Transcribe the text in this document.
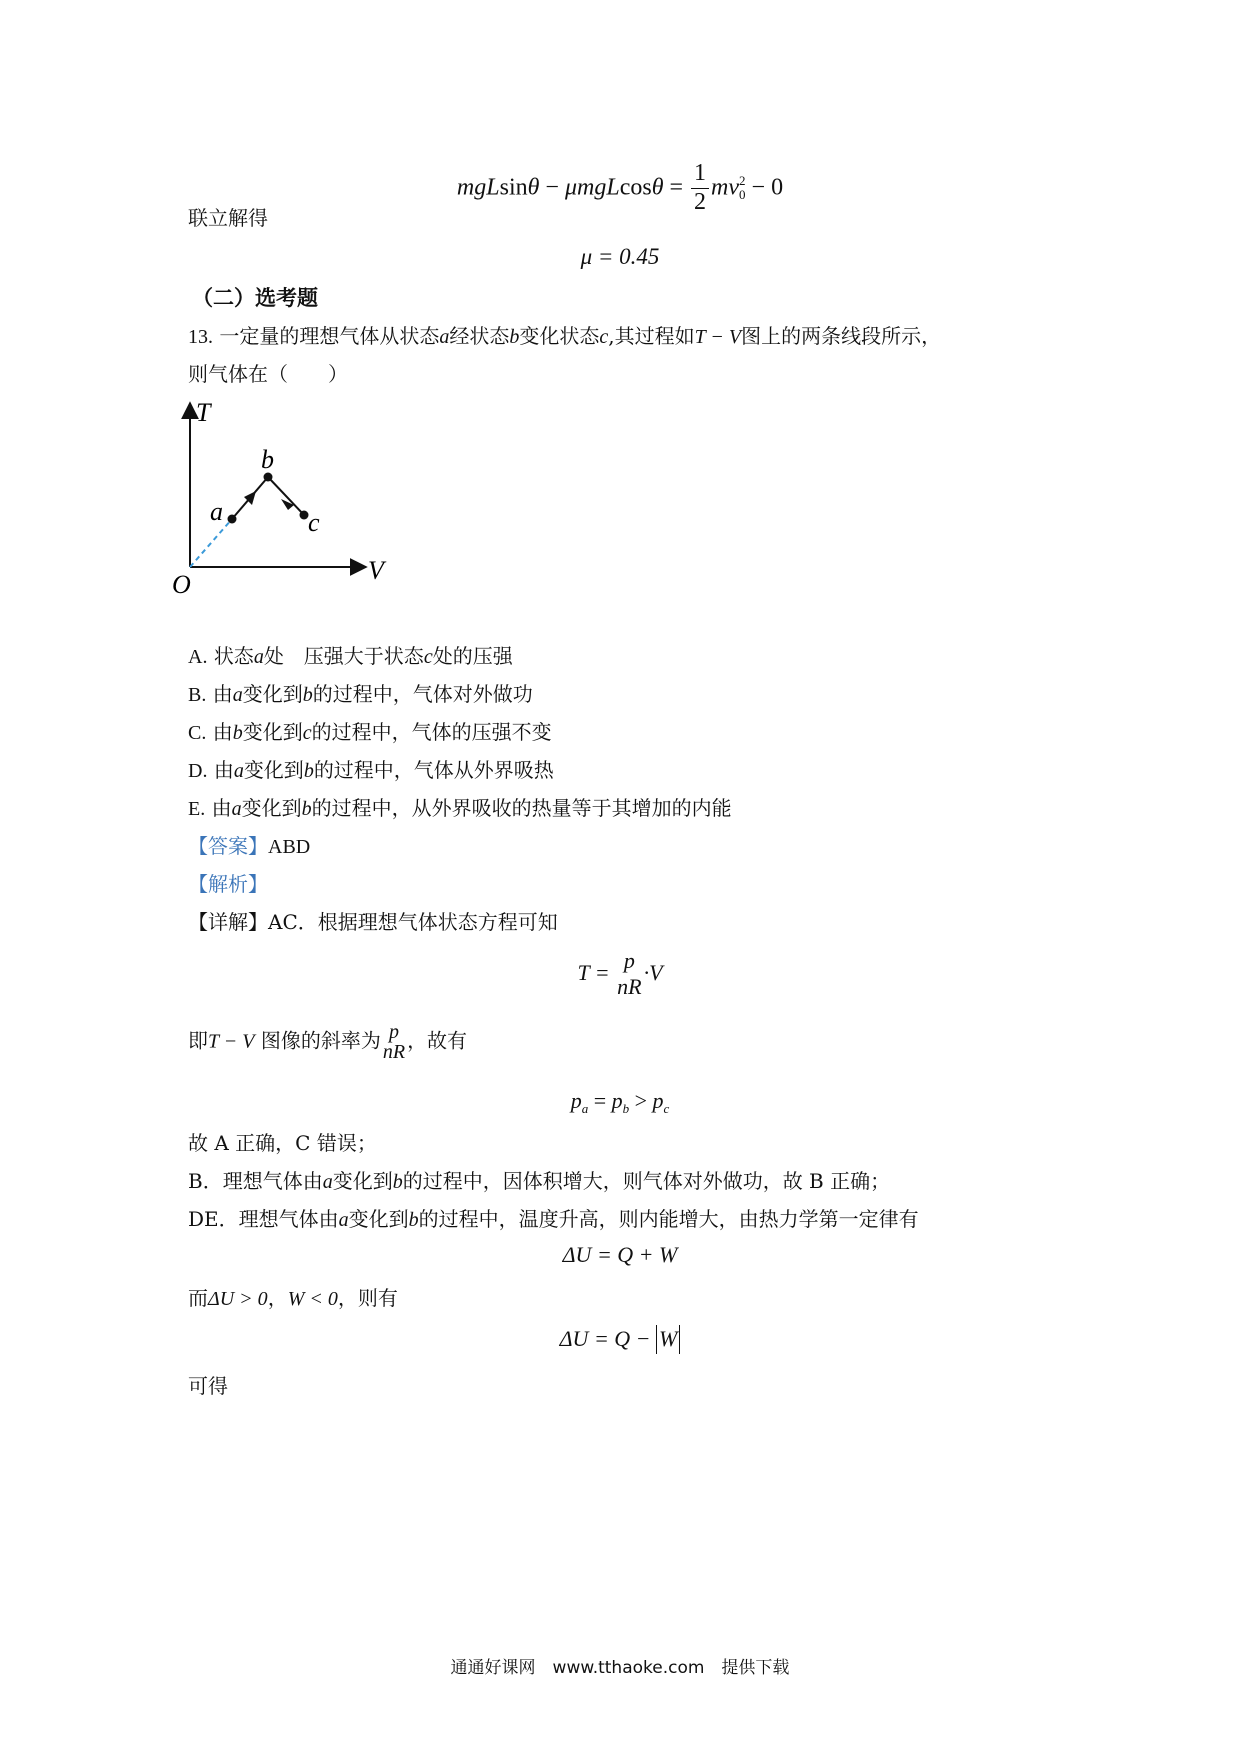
$mgLsin\theta - \mu mgLcos\theta = \frac{1}{2}$ mv 2
0 − 0
联立解得
μ = 0.45
（二）选考题
13. 一定量的理想气体从状态a经状态b变化状态c,其过程如T − V图上的两条线段所示，
则气体在（　　）
T
V
O
a
b
c
A. 状态a处　压强大于状态c处的压强
B. 由a变化到b的过程中，气体对外做功
C. 由b变化到c的过程中，气体的压强不变
D. 由a变化到b的过程中，气体从外界吸热
E. 由a变化到b的过程中，从外界吸收的热量等于其增加的内能
【答案】ABD
【解析】
【详解】AC．根据理想气体状态方程可知
T = p
nR
·V
即T − V 图像的斜率为 p
nR ，故有
$p_a = p_b > p_c$
故 A 正确，C 错误；
B．理想气体由a变化到b的过程中，因体积增大，则气体对外做功，故 B 正确；
DE．理想气体由a变化到b的过程中，温度升高，则内能增大，由热力学第一定律有
ΔU = Q + W
而ΔU > 0，W < 0，则有
ΔU = Q − W
可得
通通好课网　www.tthaoke.com　提供下载
